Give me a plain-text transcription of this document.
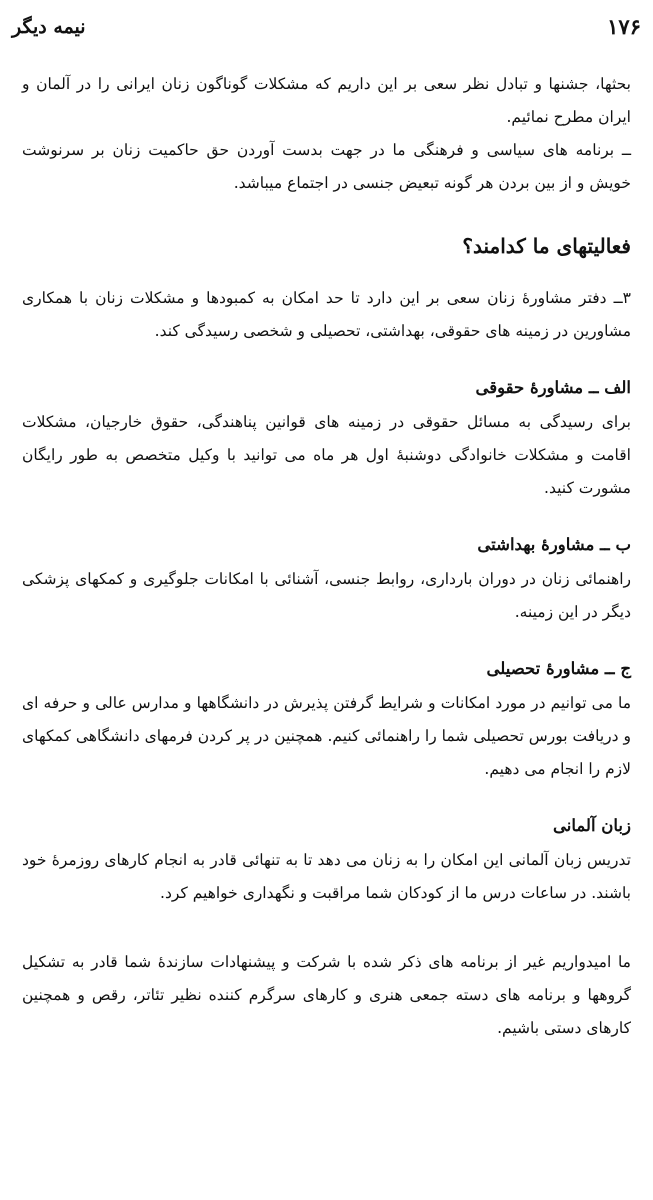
۱۷۶
نیمه دیگر

بحثها، جشنها و تبادل نظر سعی بر این داریم که مشکلات گوناگون زنان ایرانی را در آلمان و ایران مطرح نمائیم.

ــ برنامه های سیاسی و فرهنگی ما در جهت بدست آوردن حق حاکمیت زنان بر سرنوشت خویش و از بین بردن هر گونه تبعیض جنسی در اجتماع میباشد.

فعالیتهای ما کدامند؟

۳ــ دفتر مشاورهٔ زنان سعی بر این دارد تا حد امکان به کمبودها و مشکلات زنان با همکاری مشاورین در زمینه های حقوقی، بهداشتی، تحصیلی و شخصی رسیدگی کند.

الف ــ مشاورهٔ حقوقی

برای رسیدگی به مسائل حقوقی در زمینه های قوانین پناهندگی، حقوق خارجیان، مشکلات اقامت و مشکلات خانوادگی دوشنبهٔ اول هر ماه می توانید با وکیل متخصص به طور رایگان مشورت کنید.

ب ــ مشاورهٔ بهداشتی

راهنمائی زنان در دوران بارداری، روابط جنسی، آشنائی با امکانات جلوگیری و کمکهای پزشکی دیگر در این زمینه.

ج ــ مشاورهٔ تحصیلی

ما می توانیم در مورد امکانات و شرایط گرفتن پذیرش در دانشگاهها و مدارس عالی و حرفه ای و دریافت بورس تحصیلی شما را راهنمائی کنیم. همچنین در پر کردن فرمهای دانشگاهی کمکهای لازم را انجام می دهیم.

زبان آلمانی

تدریس زبان آلمانی این امکان را به زنان می دهد تا به تنهائی قادر به انجام کارهای روزمرهٔ خود باشند. در ساعات درس ما از کودکان شما مراقبت و نگهداری خواهیم کرد.

ما امیدواریم غیر از برنامه های ذکر شده با شرکت و پیشنهادات سازندهٔ شما قادر به تشکیل گروهها و برنامه های دسته جمعی هنری و کارهای سرگرم کننده نظیر تئاتر، رقص و همچنین کارهای دستی باشیم.
